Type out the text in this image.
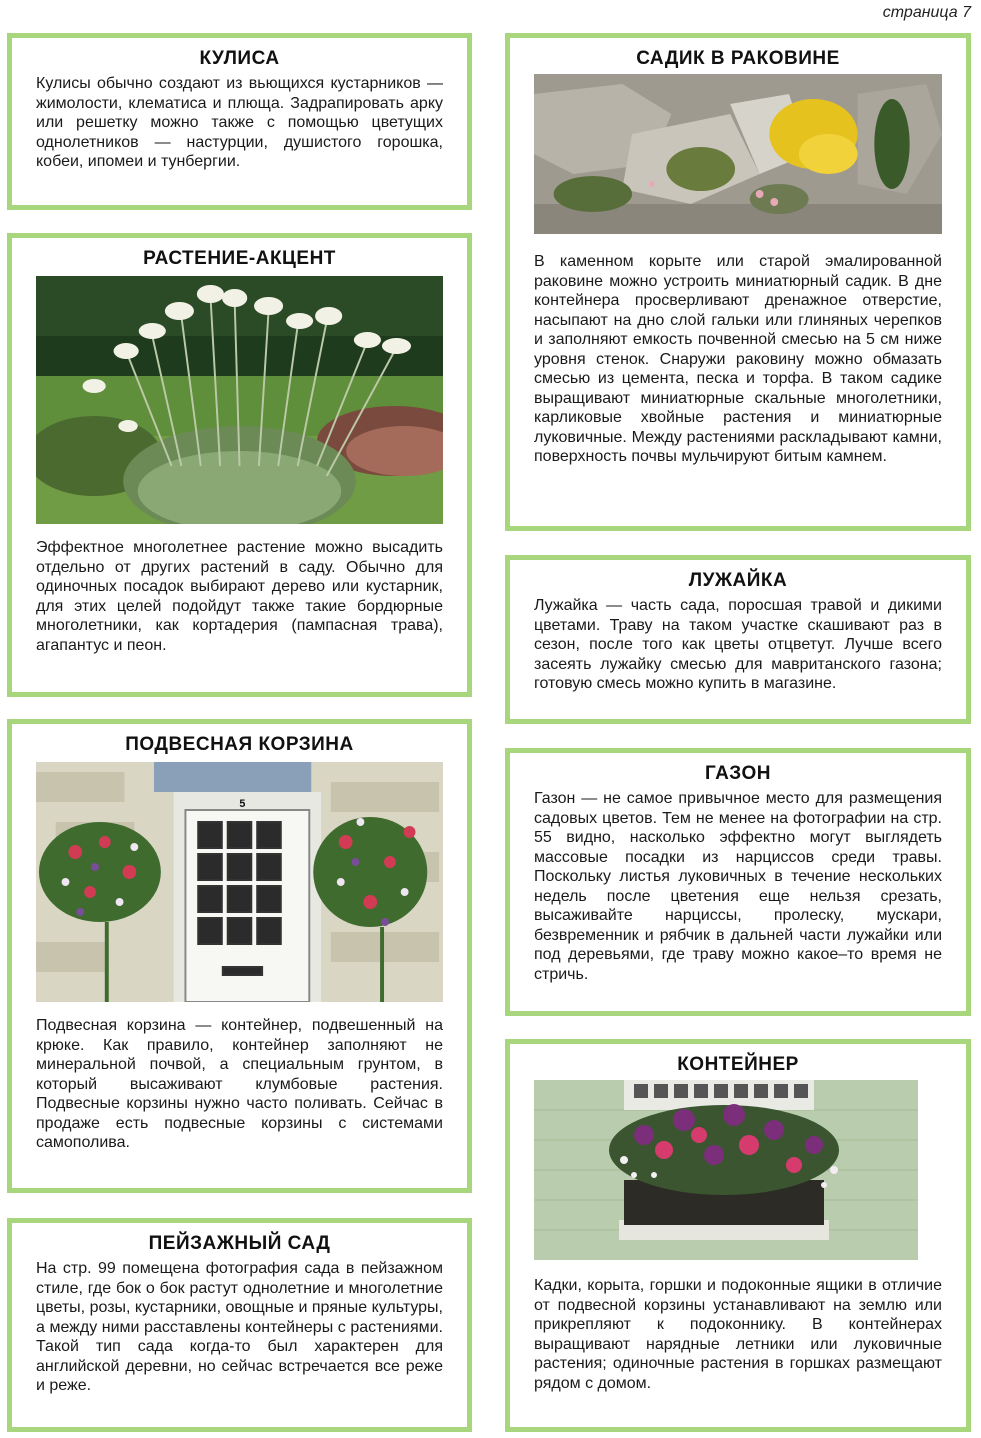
страница 7
КУЛИСА

Кулисы обычно создают из вьющихся кустарников — жимолости, клематиса и плюща. Задрапировать арку или решетку можно также с помощью цветущих однолетников — настурции, душистого горошка, кобеи, ипомеи и тунбергии.

РАСТЕНИЕ-АКЦЕНТ

Эффектное многолетнее растение можно высадить отдельно от других растений в саду. Обычно для одиночных посадок выбирают дерево или кустарник, для этих целей подойдут также такие бордюрные многолетники, как кортадерия (пампасная трава), агапантус и пеон.

ПОДВЕСНАЯ КОРЗИНА
5

Подвесная корзина — контейнер, подвешенный на крюке. Как правило, контейнер заполняют не минеральной почвой, а специальным грунтом, в который высаживают клумбовые растения. Подвесные корзины нужно часто поливать. Сейчас в продаже есть подвесные корзины с системами самополива.

ПЕЙЗАЖНЫЙ САД

На стр. 99 помещена фотография сада в пейзажном стиле, где бок о бок растут однолетние и многолетние цветы, розы, кустарники, овощные и пряные культуры, а между ними расставлены контейнеры с растениями. Такой тип сада когда-то был характерен для английской деревни, но сейчас встречается все реже и реже.

САДИК В РАКОВИНЕ

В каменном корыте или старой эмалированной раковине можно устроить миниатюрный садик. В дне контейнера просверливают дренажное отверстие, насыпают на дно слой гальки или глиняных черепков и заполняют емкость почвенной смесью на 5 см ниже уровня стенок. Снаружи раковину можно обмазать смесью из цемента, песка и торфа. В таком садике выращивают миниатюрные скальные многолетники, карликовые хвойные растения и миниатюрные луковичные. Между растениями раскладывают камни, поверхность почвы мульчируют битым камнем.

ЛУЖАЙКА

Лужайка — часть сада, поросшая травой и дикими цветами. Траву на таком участке скашивают раз в сезон, после того как цветы отцветут. Лучше всего засеять лужайку смесью для мавританского газона; готовую смесь можно купить в магазине.

ГАЗОН

Газон — не самое привычное место для размещения садовых цветов. Тем не менее на фотографии на стр. 55 видно, насколько эффектно могут выглядеть массовые посадки из нарциссов среди травы. Поскольку листья луковичных в течение нескольких недель после цветения еще нельзя срезать, высаживайте нарциссы, пролеску, мускари, безвременник и рябчик в дальней части лужайки или под деревьями, где траву можно какое–то время не стричь.

КОНТЕЙНЕР

Кадки, корыта, горшки и подоконные ящики в отличие от подвесной корзины устанавливают на землю или прикрепляют к подоконнику. В контейнерах выращивают нарядные летники или луковичные растения; одиночные растения в горшках размещают рядом с домом.
